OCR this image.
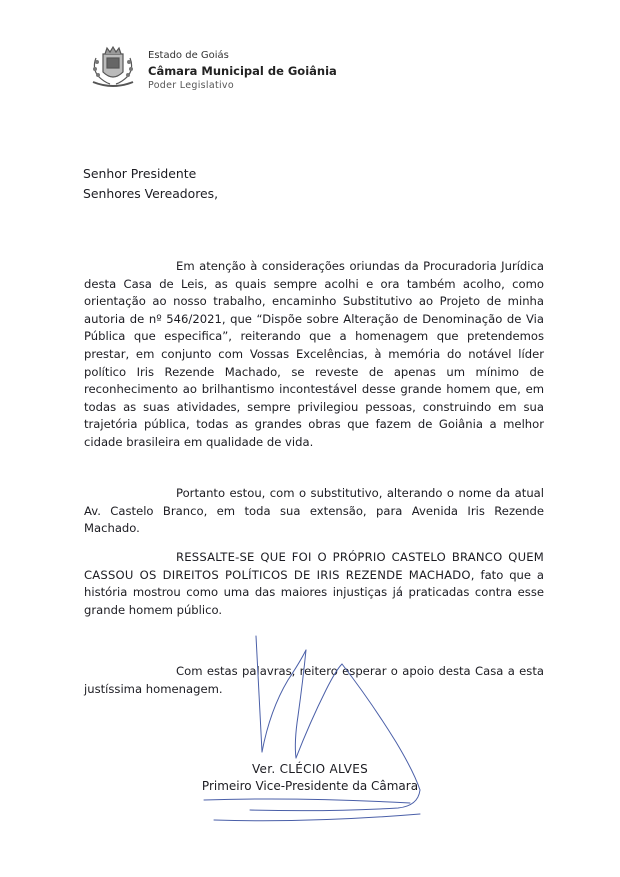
Estado de Goiás
Câmara Municipal de Goiânia
Poder Legislativo
Senhor Presidente
Senhores Vereadores,
Em atenção à considerações oriundas da Procuradoria Jurídica desta Casa de Leis, as quais sempre acolhi e ora também acolho, como orientação ao nosso trabalho, encaminho Substitutivo ao Projeto de minha autoria de nº 546/2021, que “Dispõe sobre Alteração de Denominação de Via Pública que especifica”, reiterando que a homenagem que pretendemos prestar, em conjunto com Vossas Excelências, à memória do notável líder político Iris Rezende Machado, se reveste de apenas um mínimo de reconhecimento ao brilhantismo incontestável desse grande homem que, em todas as suas atividades, sempre privilegiou pessoas, construindo em sua trajetória pública, todas as grandes obras que fazem de Goiânia a melhor cidade brasileira em qualidade de vida.
Portanto estou, com o substitutivo, alterando o nome da atual Av. Castelo Branco, em toda sua extensão, para Avenida Iris Rezende Machado.
RESSALTE-SE QUE FOI O PRÓPRIO CASTELO BRANCO QUEM CASSOU OS DIREITOS POLÍTICOS DE IRIS REZENDE MACHADO, fato que a história mostrou como uma das maiores injustiças já praticadas contra esse grande homem público.
Com estas palavras, reitero esperar o apoio desta Casa a esta justíssima homenagem.
Ver. CLÉCIO ALVES
Primeiro Vice-Presidente da Câmara
